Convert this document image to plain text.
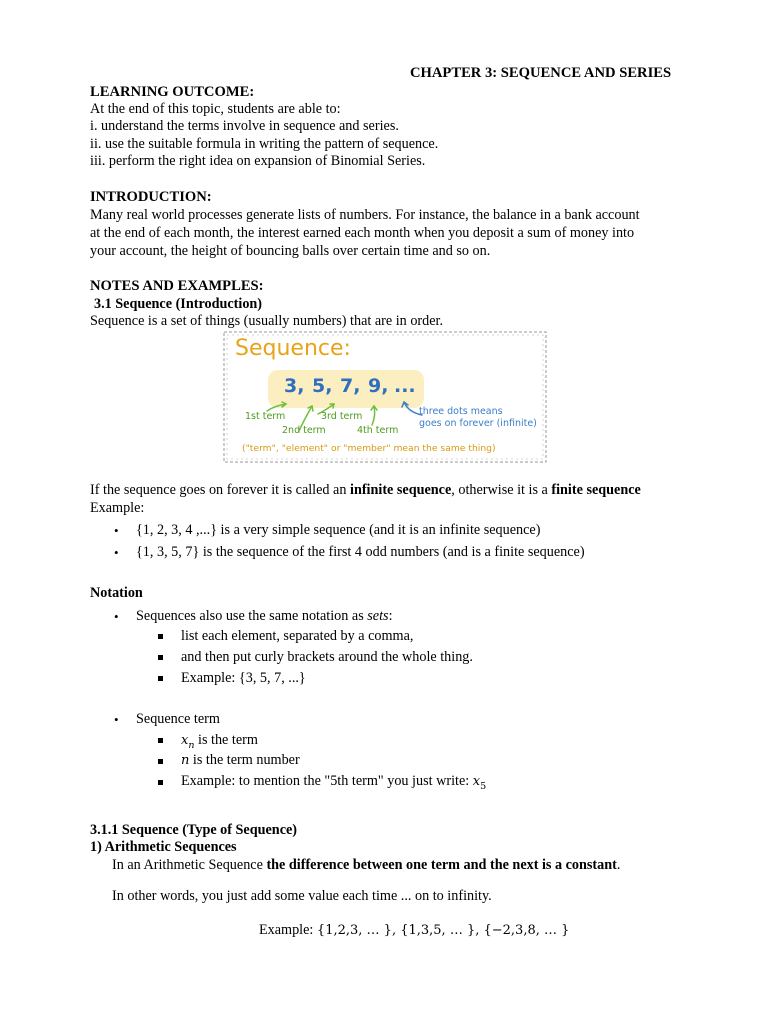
CHAPTER 3: SEQUENCE AND SERIES
LEARNING OUTCOME:
At the end of this topic, students are able to:
i. understand the terms involve in sequence and series.
ii. use the suitable formula in writing the pattern of sequence.
iii. perform the right idea on expansion of Binomial Series.
INTRODUCTION:
Many real world processes generate lists of numbers. For instance, the balance in a bank account
at the end of each month, the interest earned each month when you deposit a sum of money into
your account, the height of bouncing balls over certain time and so on.
NOTES AND EXAMPLES:
3.1 Sequence (Introduction)
Sequence is a set of things (usually numbers) that are in order.
Sequence:
3, 5, 7, 9, ...
1st term	3rd term
2nd term	4th term
three dots means
goes on forever (infinite)
("term", "element" or "member" mean the same thing)
If the sequence goes on forever it is called an infinite sequence, otherwise it is a finite sequence
Example:
• {1, 2, 3, 4 ,...} is a very simple sequence (and it is an infinite sequence)
• {1, 3, 5, 7} is the sequence of the first 4 odd numbers (and is a finite sequence)
Notation
• Sequences also use the same notation as sets:
list each element, separated by a comma,
and then put curly brackets around the whole thing.
Example: {3, 5, 7, ...}
• Sequence term
$x_n$ is the term
n is the term number
Example: to mention the "5th term" you just write: $x_5$
3.1.1 Sequence (Type of Sequence)
1) Arithmetic Sequences
In an Arithmetic Sequence the difference between one term and the next is a constant.
In other words, you just add some value each time ... on to infinity.
Example: {1,2,3, … }, {1,3,5, … }, {−2,3,8, … }
